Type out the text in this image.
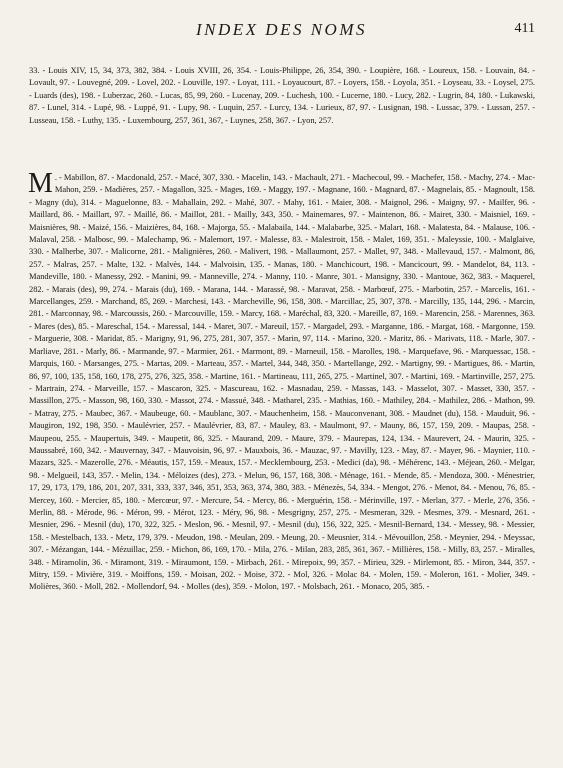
INDEX DES NOMS	411
33. - Louis XIV, 15, 34, 373, 382, 384. - Louis XVIII, 26, 354. - Louis-Philippe, 26, 354, 390. - Loupière, 168. - Loureux, 158. - Louvain, 84. - Lovault, 97. - Louvegné, 209. - Lovel, 202. - Louville, 197. - Loyat, 111. - Loyaucourt, 87. - Loyers, 158. - Loyola, 351. - Loyseau, 33. - Loysel, 275. - Luards (des), 198. - Luberzac, 260. - Lucas, 85, 99, 260. - Lucenay, 209. - Luchesh, 100. - Lucerne, 180. - Lucy, 282. - Lugrin, 84, 180. - Lukawski, 87. - Lunel, 314. - Lupé, 98. - Luppé, 91. - Lupy, 98. - Luquin, 257. - Lurcy, 134. - Lurieux, 87, 97. - Lusignan, 198. - Lussac, 379. - Lussan, 257. - Lusseau, 158. - Luthy, 135. - Luxembourg, 257, 361, 367, - Luynes, 258, 367. - Lyon, 257.
M . - Mabillon, 87. - Macdonald, 257. - Macé, 307, 330. - Macelin, 143. - Machault, 271. - Machecoul, 99. - Machefer, 158. - Machy, 274. - Mac-Mahon, 259. - Madières, 257. - Magallon, 325. - Mages, 169. - Maggy, 197. - Magnane, 160. - Magnard, 87. - Magnelais, 85. - Magnoult, 158. - Magny (du), 314. - Maguelonne, 83. - Mahallain, 292. - Mahé, 307. - Mahy, 161. - Maier, 308. - Maignol, 296. - Maigny, 97. - Mailfer, 96. - Maillard, 86. - Maillart, 97. - Maillé, 86. - Maillot, 281. - Mailly, 343, 350. - Mainemares, 97. - Maintenon, 86. - Mairet, 330. - Maisniel, 169. - Maisnières, 98. - Maizé, 156. - Maizières, 84, 168. - Majorga, 55. - Malabaila, 144. - Malabarbe, 325. - Malart, 168. - Malatesta, 84. - Malause, 106. - Malaval, 258. - Malbosc, 99. - Malechamp, 96. - Malemort, 197. - Malesse, 83. - Malestroit, 158. - Malet, 169, 351. - Maleyssie, 100. - Malglaive, 330. - Malherbe, 307. - Malicorne, 281. - Malignières, 260. - Malivert, 198. - Mallaumont, 257. - Mallet, 97, 348. - Mallevaud, 157. - Malmont, 86, 257. - Malras, 257. - Malte, 132. - Malvès, 144. - Malvoisin, 135. - Manas, 180. - Manchicourt, 198. - Mancicourt, 99. - Mandelot, 84, 113. - Mandeville, 180. - Manessy, 292. - Manini, 99. - Manneville, 274. - Manny, 110. - Manre, 301. - Mansigny, 330. - Mantoue, 362, 383. - Maquerel, 282. - Marais (des), 99, 274. - Marais (du), 169. - Marana, 144. - Marassé, 98. - Maravat, 258. - Marbœuf, 275. - Marbotin, 257. - Marcelis, 161. - Marcellanges, 259. - Marchand, 85, 269. - Marchesi, 143. - Marcheville, 96, 158, 308. - Marcillac, 25, 307, 378. - Marcilly, 135, 144, 296. - Marcin, 281. - Marconnay, 98. - Marcoussis, 260. - Marcouville, 159. - Marcy, 168. - Maréchal, 83, 320. - Mareille, 87, 169. - Marencin, 258. - Marennes, 363. - Mares (des), 85. - Mareschal, 154. - Maressal, 144. - Maret, 307. - Mareuil, 157. - Margadel, 293. - Marganne, 186. - Margat, 168. - Margonne, 159. - Marguerie, 308. - Maridat, 85. - Marigny, 91, 96, 275, 281, 307, 357. - Marin, 97, 114. - Marino, 320. - Maritz, 86. - Marivats, 118. - Marle, 307. - Marliave, 281. - Marly, 86. - Marmande, 97. - Marmier, 261. - Marmont, 89. - Marneuil, 158. - Marolles, 198. - Marquefave, 96. - Marquessac, 158. - Marquis, 160. - Marsanges, 275. - Martas, 209. - Marteau, 357. - Martel, 344, 348, 350. - Martellange, 292. - Martigny, 99. - Martigues, 86. - Martin, 86, 97, 100, 135, 158, 160, 178, 275, 276, 325, 358. - Martine, 161. - Martineau, 111, 265, 275. - Martinel, 307. - Martini, 169. - Martinville, 257, 275. - Martrain, 274. - Marveille, 157. - Mascaron, 325. - Mascureau, 162. - Masnadau, 259. - Massas, 143. - Masselot, 307. - Masset, 330, 357. - Massillon, 275. - Masson, 98, 160, 330. - Massot, 274. - Massué, 348. - Matharel, 235. - Mathias, 160. - Mathiley, 284. - Mathilez, 286. - Mathon, 99. - Matray, 275. - Maubec, 367. - Maubeuge, 60. - Maublanc, 307. - Mauchenheim, 158. - Mauconvenant, 308. - Maudnet (du), 158. - Mauduit, 96. - Maugiron, 192, 198, 350. - Maulévrier, 257. - Maulévrier, 83, 87. - Mauley, 83. - Maulmont, 97. - Mauny, 86, 157, 159, 209. - Maupas, 258. - Maupeou, 255. - Maupertuis, 349. - Maupetit, 86, 325. - Maurand, 209. - Maure, 379. - Maurepas, 124, 134. - Maurevert, 24. - Maurin, 325. - Maussabré, 160, 342. - Mauvernay, 347. - Mauvoisin, 96, 97. - Mauxbois, 36. - Mauzac, 97. - Mavilly, 123. - May, 87. - Mayer, 96. - Maynier, 110. - Mazars, 325. - Mazerolle, 276. - Méautis, 157, 159. - Meaux, 157. - Mecklembourg, 253. - Medici (da), 98. - Méhérenc, 143. - Méjean, 260. - Melgar, 98. - Melgueil, 143, 357. - Melin, 134. - Méloizes (des), 273. - Melun, 96, 157, 168, 308. - Ménage, 161. - Mende, 85. - Mendoza, 300. - Ménestrier, 17, 29, 173, 179, 186, 201, 207, 331, 333, 337, 346, 351, 353, 363, 374, 380, 383. - Ménezès, 54, 334. - Mengot, 276. - Menot, 84. - Menou, 76, 85. - Mercey, 160. - Mercier, 85, 180. - Mercœur, 97. - Mercure, 54. - Mercy, 86. - Merguérin, 158. - Mérinville, 197. - Merlan, 377. - Merle, 276, 356. - Merlin, 88. - Mérode, 96. - Méron, 99. - Mérot, 123. - Méry, 96, 98. - Mesgrigny, 257, 275. - Mesmeran, 329. - Mesmes, 379. - Mesnard, 261. - Mesnier, 296. - Mesnil (du), 170, 322, 325. - Meslon, 96. - Mesnil, 97. - Mesnil (du), 156, 322, 325. - Mesnil-Bernard, 134. - Messey, 98. - Messier, 158. - Mestelbach, 133. - Metz, 179, 379. - Meudon, 198. - Meulan, 209. - Meung, 20. - Meusnier, 314. - Mévouillon, 258. - Meynier, 294. - Meyssac, 307. - Mézangan, 144. - Mézuillac, 259. - Michon, 86, 169, 170. - Mila, 276. - Milan, 283, 285, 361, 367. - Millières, 158. - Milly, 83, 257. - Miralles, 348. - Miramolin, 36. - Miramont, 319. - Miraumont, 159. - Mirbach, 261. - Mirepoix, 99, 357. - Mirieu, 329. - Mirlemont, 85. - Miron, 344, 357. - Mitry, 159. - Mivière, 319. - Moiffons, 159. - Moisan, 202. - Moise, 372. - Mol, 326. - Molac 84. - Molen, 159. - Moleron, 161. - Molier, 349. - Molières, 360. - Moll, 282. - Mollendorf, 94. - Molles (des), 359. - Molon, 197. - Molsbach, 261. - Monaco, 205, 385. -
